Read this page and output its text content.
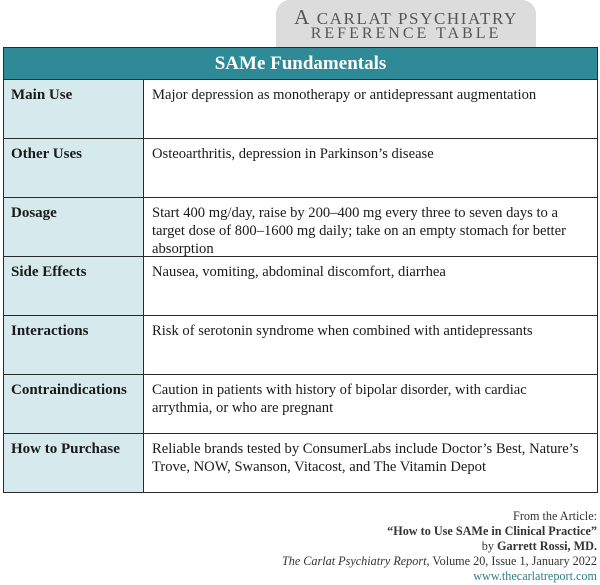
A CARLAT PSYCHIATRY
REFERENCE TABLE
SAMe Fundamentals
Main Use	Major depression as monotherapy or antidepressant augmentation
Other Uses	Osteoarthritis, depression in Parkinson’s disease
Dosage	Start 400 mg/day, raise by 200–400 mg every three to seven days to a target dose of 800–1600 mg daily; take on an empty stomach for better absorption
Side Effects	Nausea, vomiting, abdominal discomfort, diarrhea
Interactions	Risk of serotonin syndrome when combined with antidepressants
Contraindications	Caution in patients with history of bipolar disorder, with cardiac arrythmia, or who are pregnant
How to Purchase	Reliable brands tested by ConsumerLabs include Doctor’s Best, Nature’s Trove, NOW, Swanson, Vitacost, and The Vitamin Depot
From the Article:
“How to Use SAMe in Clinical Practice”
by Garrett Rossi, MD.
The Carlat Psychiatry Report, Volume 20, Issue 1, January 2022
www.thecarlatreport.com
